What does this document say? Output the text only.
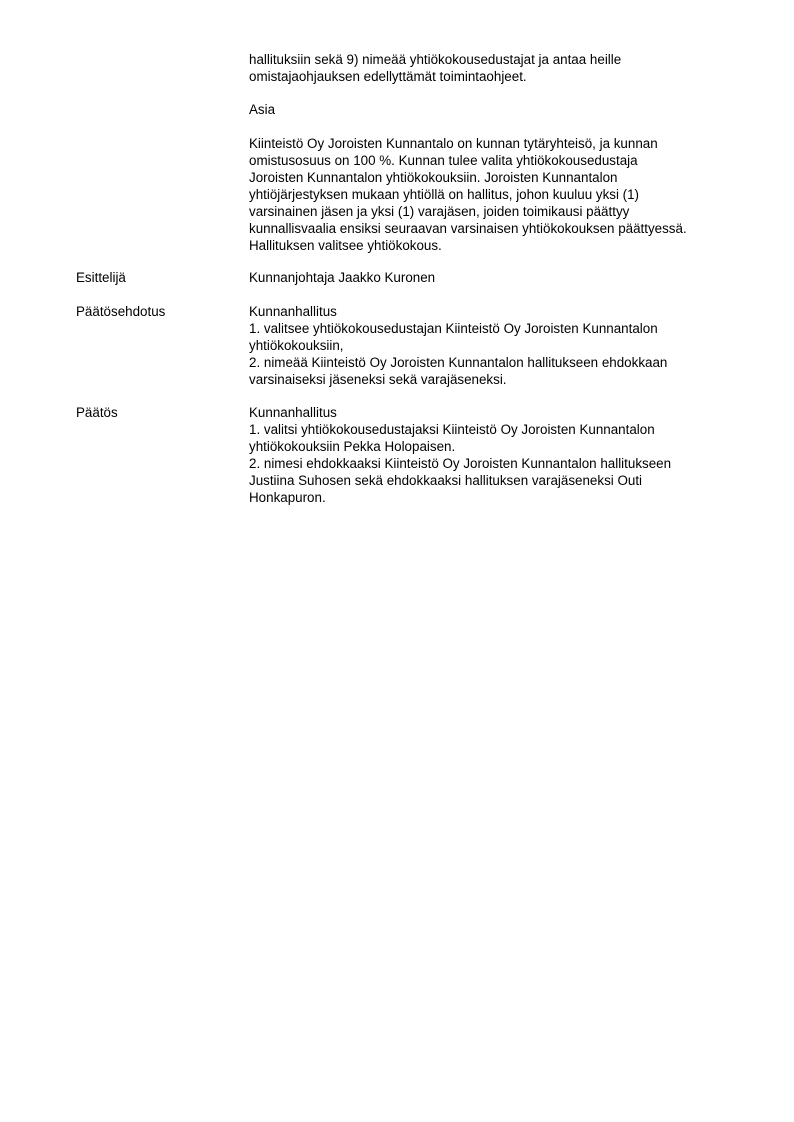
hallituksiin sekä 9) nimeää yhtiökokousedustajat ja antaa heille
omistajaohjauksen edellyttämät toimintaohjeet.
Asia
Kiinteistö Oy Joroisten Kunnantalo on kunnan tytäryhteisö, ja kunnan
omistusosuus on 100 %. Kunnan tulee valita yhtiökokousedustaja
Joroisten Kunnantalon yhtiökokouksiin. Joroisten Kunnantalon
yhtiöjärjestyksen mukaan yhtiöllä on hallitus, johon kuuluu yksi (1)
varsinainen jäsen ja yksi (1) varajäsen, joiden toimikausi päättyy
kunnallisvaalia ensiksi seuraavan varsinaisen yhtiökokouksen päättyessä.
Hallituksen valitsee yhtiökokous.
Esittelijä	Kunnanjohtaja Jaakko Kuronen
Päätösehdotus	Kunnanhallitus
1. valitsee yhtiökokousedustajan Kiinteistö Oy Joroisten Kunnantalon
yhtiökokouksiin,
2. nimeää Kiinteistö Oy Joroisten Kunnantalon hallitukseen ehdokkaan
varsinaiseksi jäseneksi sekä varajäseneksi.
Päätös	Kunnanhallitus
1. valitsi yhtiökokousedustajaksi Kiinteistö Oy Joroisten Kunnantalon
yhtiökokouksiin Pekka Holopaisen.
2. nimesi ehdokkaaksi Kiinteistö Oy Joroisten Kunnantalon hallitukseen
Justiina Suhosen sekä ehdokkaaksi hallituksen varajäseneksi Outi
Honkapuron.
